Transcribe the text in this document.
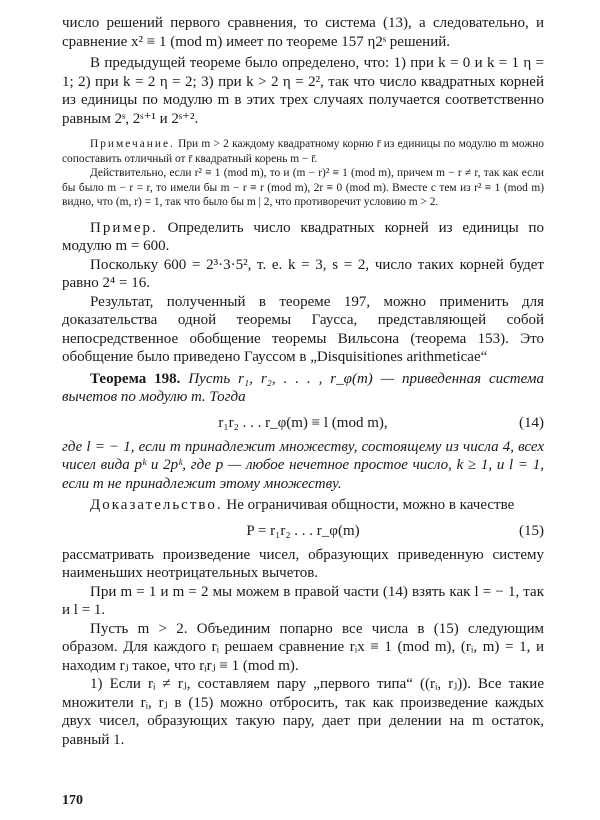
число решений первого сравнения, то система (13), а следовательно, и сравнение x² ≡ 1 (mod m) имеет по теореме 157 η2ˢ решений.

В предыдущей теореме было определено, что: 1) при k = 0 и k = 1 η = 1; 2) при k = 2 η = 2; 3) при k > 2 η = 2², так что число квадратных корней из единицы по модулю m в этих трех случаях получается соответственно равным 2ˢ, 2ˢ⁺¹ и 2ˢ⁺².

Примечание. При m > 2 каждому квадратному корню r̄ из единицы по модулю m можно сопоставить отличный от r̄ квадратный корень m − r̄.

Действительно, если r² ≡ 1 (mod m), то и (m − r)² ≡ 1 (mod m), причем m − r ≠ r, так как если бы было m − r = r, то имели бы m − r ≡ r (mod m), 2r ≡ 0 (mod m). Вместе с тем из r² ≡ 1 (mod m) видно, что (m, r) = 1, так что было бы m | 2, что противоречит условию m > 2.

Пример. Определить число квадратных корней из единицы по модулю m = 600.

Поскольку 600 = 2³·3·5², т. е. k = 3, s = 2, число таких корней будет равно 2⁴ = 16.

Результат, полученный в теореме 197, можно применить для доказательства одной теоремы Гаусса, представляющей собой непосредственное обобщение теоремы Вильсона (теорема 153). Это обобщение было приведено Гауссом в „Disquisitiones arithmeticae“

Теорема 198. Пусть r₁, r₂, . . . , r_φ(m) — приведенная система вычетов по модулю m. Тогда

r₁r₂ . . . r_φ(m) ≡ l (mod m),	(14)

где l = − 1, если m принадлежит множеству, состоящему из числа 4, всех чисел вида pᵏ и 2pᵏ, где p — любое нечетное простое число, k ≥ 1, и l = 1, если m не принадлежит этому множеству.

Доказательство. Не ограничивая общности, можно в качестве

P = r₁r₂ . . . r_φ(m)	(15)

рассматривать произведение чисел, образующих приведенную систему наименьших неотрицательных вычетов.

При m = 1 и m = 2 мы можем в правой части (14) взять как l = − 1, так и l = 1.

Пусть m > 2. Объединим попарно все числа в (15) следующим образом. Для каждого rᵢ решаем сравнение rᵢx ≡ 1 (mod m), (rᵢ, m) = 1, и находим rⱼ такое, что rᵢrⱼ ≡ 1 (mod m).

1) Если rᵢ ≠ rⱼ, составляем пару „первого типа“ ((rᵢ, rⱼ)). Все такие множители rᵢ, rⱼ в (15) можно отбросить, так как произведение каждых двух чисел, образующих такую пару, дает при делении на m остаток, равный 1.

170
